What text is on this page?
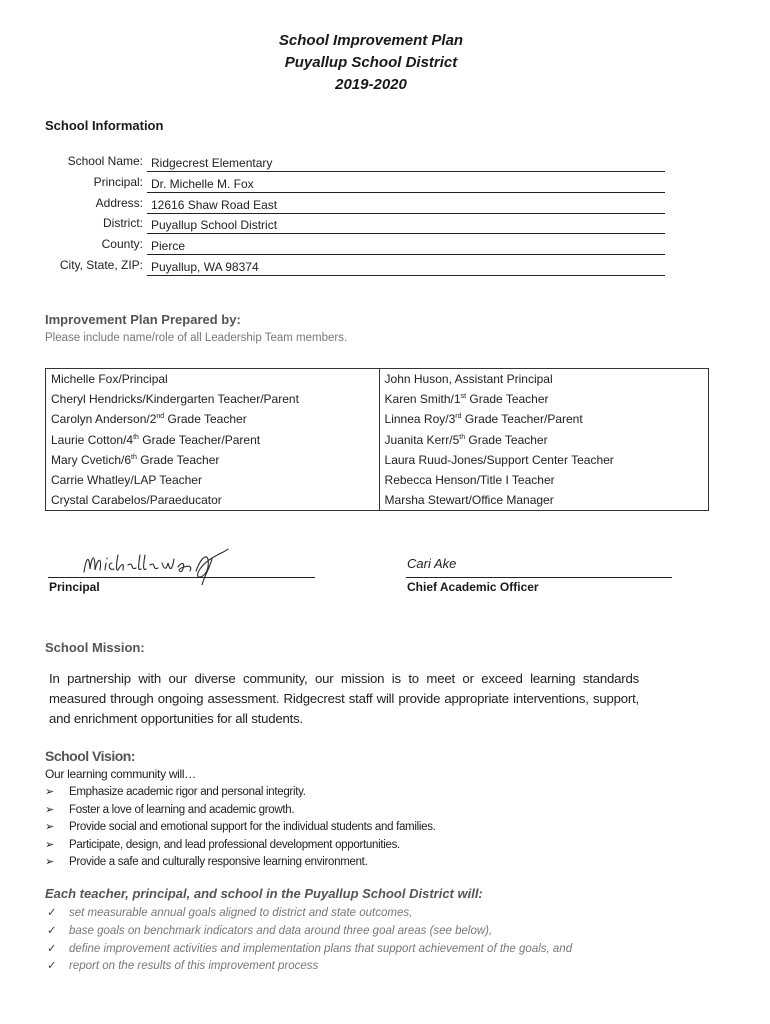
School Improvement Plan
Puyallup School District
2019-2020
School Information
School Name: Ridgecrest Elementary
Principal: Dr. Michelle M. Fox
Address: 12616 Shaw Road East
District: Puyallup School District
County: Pierce
City, State, ZIP: Puyallup, WA 98374
Improvement Plan Prepared by:
Please include name/role of all Leadership Team members.
Michelle Fox/Principal	John Huson, Assistant Principal
Cheryl Hendricks/Kindergarten Teacher/Parent	Karen Smith/1st Grade Teacher
Carolyn Anderson/2nd Grade Teacher	Linnea Roy/3rd Grade Teacher/Parent
Laurie Cotton/4th Grade Teacher/Parent	Juanita Kerr/5th Grade Teacher
Mary Cvetich/6th Grade Teacher	Laura Ruud-Jones/Support Center Teacher
Carrie Whatley/LAP Teacher	Rebecca Henson/Title I Teacher
Crystal Carabelos/Paraeducator	Marsha Stewart/Office Manager
Principal
Cari Ake
Chief Academic Officer
School Mission:
In partnership with our diverse community, our mission is to meet or exceed learning standards measured through ongoing assessment. Ridgecrest staff will provide appropriate interventions, support, and enrichment opportunities for all students.
School Vision:
Our learning community will…
➢ Emphasize academic rigor and personal integrity.
➢ Foster a love of learning and academic growth.
➢ Provide social and emotional support for the individual students and families.
➢ Participate, design, and lead professional development opportunities.
➢ Provide a safe and culturally responsive learning environment.
Each teacher, principal, and school in the Puyallup School District will:
✓ set measurable annual goals aligned to district and state outcomes,
✓ base goals on benchmark indicators and data around three goal areas (see below),
✓ define improvement activities and implementation plans that support achievement of the goals, and
✓ report on the results of this improvement process
